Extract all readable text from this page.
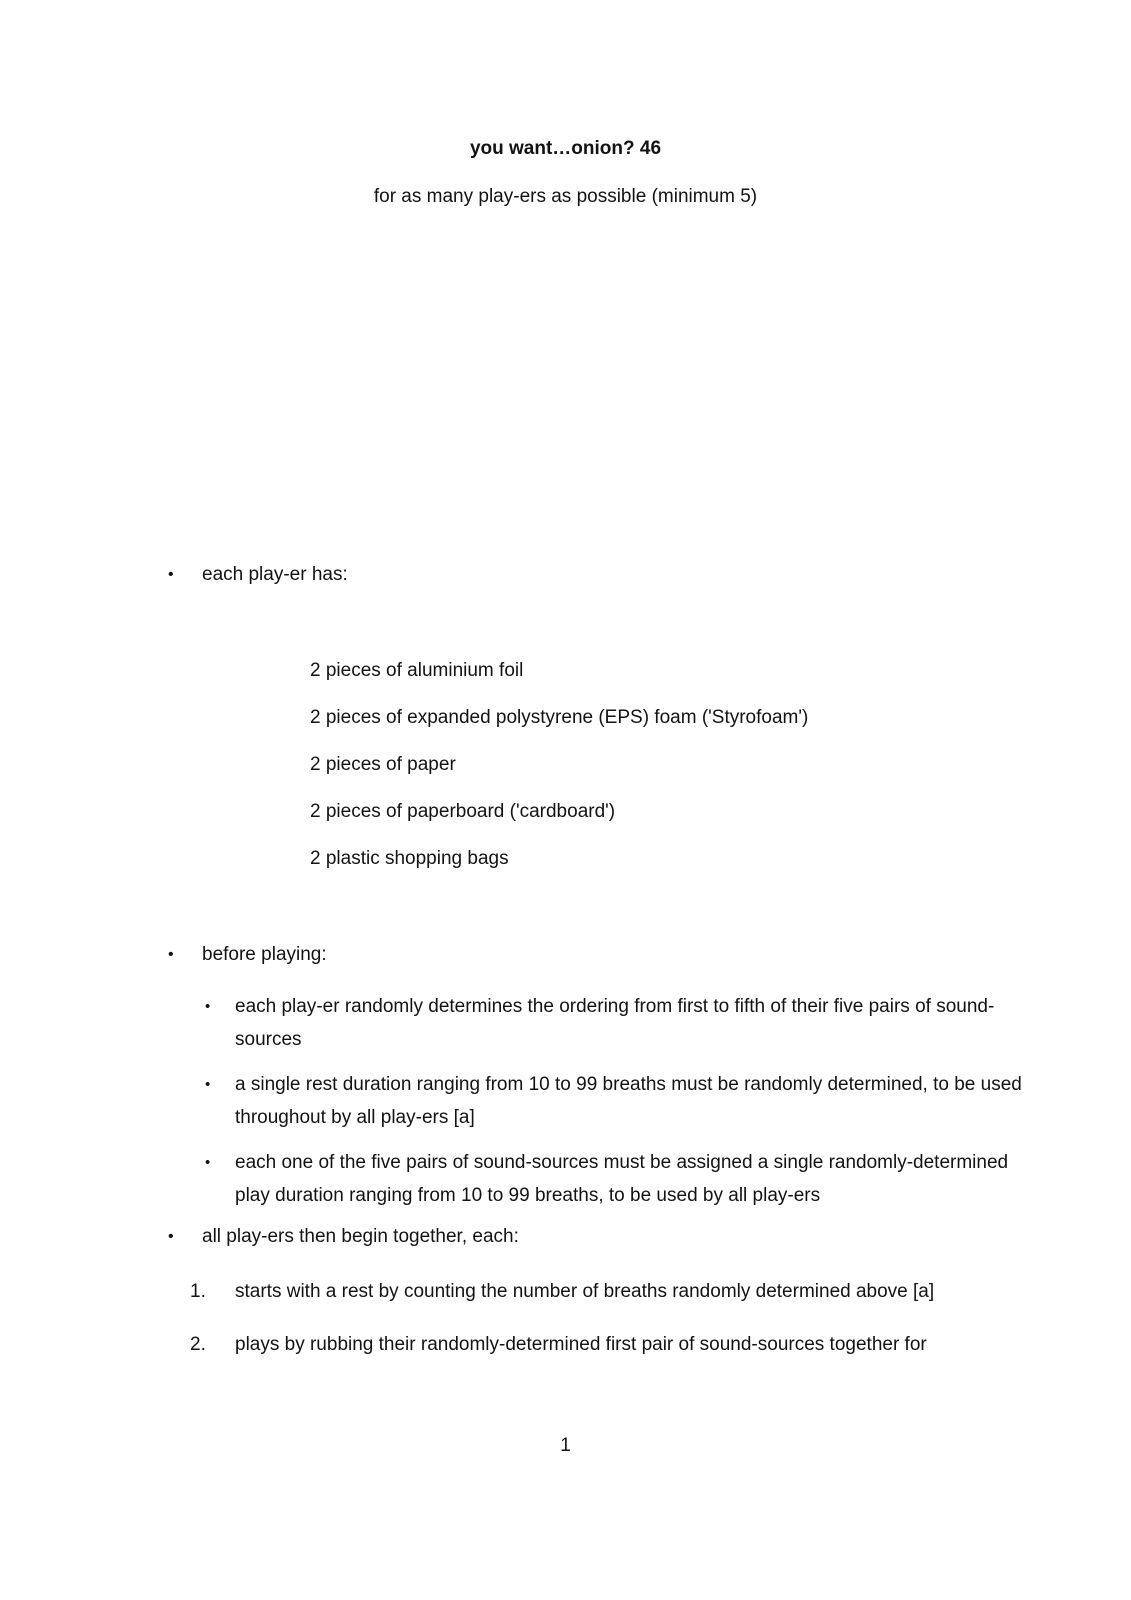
you want…onion? 46
for as many play-ers as possible (minimum 5)
•	each play-er has:
2 pieces of aluminium foil
2 pieces of expanded polystyrene (EPS) foam ('Styrofoam')
2 pieces of paper
2 pieces of paperboard ('cardboard')
2 plastic shopping bags
•	before playing:
•	each play-er randomly determines the ordering from first to fifth of their five pairs of sound-sources
•	a single rest duration ranging from 10 to 99 breaths must be randomly determined, to be used throughout by all play-ers [a]
•	each one of the five pairs of sound-sources must be assigned a single randomly-determined play duration ranging from 10 to 99 breaths, to be used by all play-ers
•	all play-ers then begin together, each:
1.	starts with a rest by counting the number of breaths randomly determined above [a]
2.	plays by rubbing their randomly-determined first pair of sound-sources together for
1
